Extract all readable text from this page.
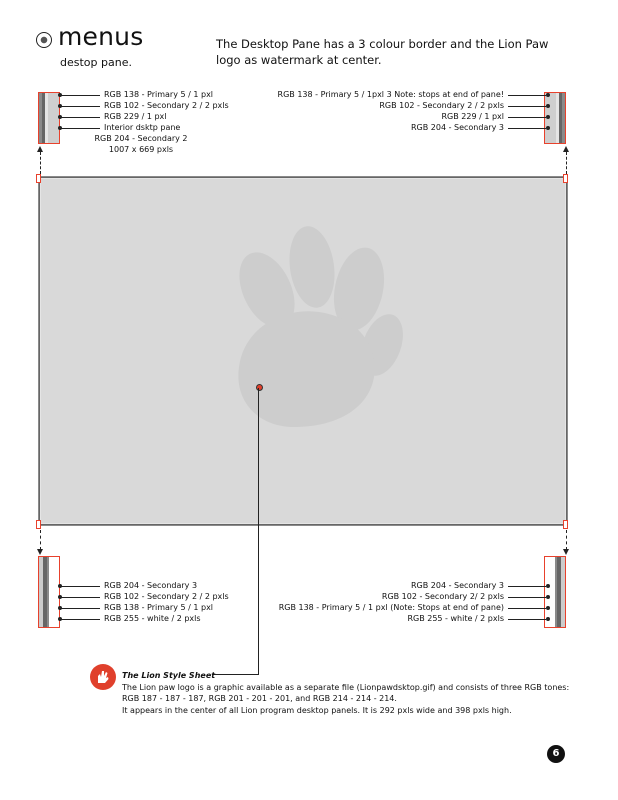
menus
destop pane.
The Desktop Pane has a 3 colour border and the Lion Paw logo as watermark at center.
RGB 138 - Primary 5 / 1 pxl
RGB 102 - Secondary 2 / 2 pxls
RGB 229 / 1 pxl
Interior dsktp pane
RGB 204 - Secondary 2
1007 x 669 pxls
RGB 138 - Primary 5 / 1pxl 3 Note: stops at end of pane!
RGB 102 - Secondary 2 / 2 pxls
RGB 229 / 1 pxl
RGB 204 - Secondary 3
RGB 204 - Secondary 3
RGB 102 - Secondary 2 / 2 pxls
RGB 138 - Primary 5 / 1 pxl
RGB 255 - white / 2 pxls
RGB 204 - Secondary 3
RGB 102 - Secondary 2/ 2 pxls
RGB 138 - Primary 5 / 1 pxl (Note: Stops at end of pane)
RGB 255 - white / 2 pxls
The Lion Style Sheet
The Lion paw logo is a graphic available as a separate file (Lionpawdsktop.gif) and consists of three RGB tones:
RGB 187 - 187 - 187, RGB 201 - 201 - 201, and RGB 214 - 214 - 214.
It appears in the center of all Lion program desktop panels. It is 292 pxls wide and 398 pxls high.
6
